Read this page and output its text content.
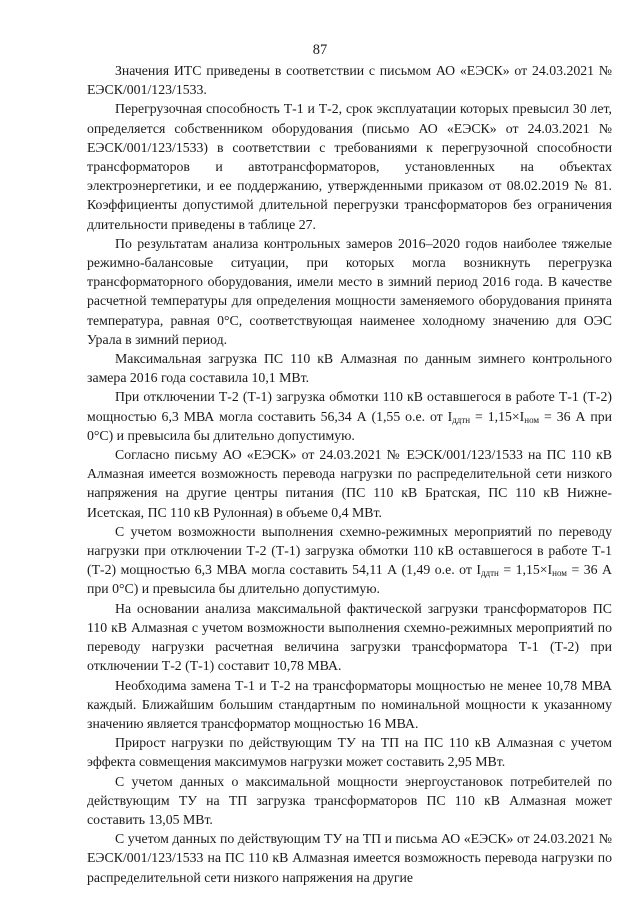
87

Значения ИТС приведены в соответствии с письмом АО «ЕЭСК» от 24.03.2021 № ЕЭСК/001/123/1533.

Перегрузочная способность Т-1 и Т-2, срок эксплуатации которых превысил 30 лет, определяется собственником оборудования (письмо АО «ЕЭСК» от 24.03.2021 № ЕЭСК/001/123/1533) в соответствии с требованиями к перегрузочной способности трансформаторов и автотрансформаторов, установленных на объектах электроэнергетики, и ее поддержанию, утвержденными приказом от 08.02.2019 № 81. Коэффициенты допустимой длительной перегрузки трансформаторов без ограничения длительности приведены в таблице 27.

По результатам анализа контрольных замеров 2016–2020 годов наиболее тяжелые режимно-балансовые ситуации, при которых могла возникнуть перегрузка трансформаторного оборудования, имели место в зимний период 2016 года. В качестве расчетной температуры для определения мощности заменяемого оборудования принята температура, равная 0°С, соответствующая наименее холодному значению для ОЭС Урала в зимний период.

Максимальная загрузка ПС 110 кВ Алмазная по данным зимнего контрольного замера 2016 года составила 10,1 МВт.

При отключении Т-2 (Т-1) загрузка обмотки 110 кВ оставшегося в работе Т-1 (Т-2) мощностью 6,3 МВА могла составить 56,34 А (1,55 о.е. от $I_{ддтн} = 1,15\times I_{ном} = 36$ А при 0°С) и превысила бы длительно допустимую.

Согласно письму АО «ЕЭСК» от 24.03.2021 № ЕЭСК/001/123/1533 на ПС 110 кВ Алмазная имеется возможность перевода нагрузки по распределительной сети низкого напряжения на другие центры питания (ПС 110 кВ Братская, ПС 110 кВ Нижне-Исетская, ПС 110 кВ Рулонная) в объеме 0,4 МВт.

С учетом возможности выполнения схемно-режимных мероприятий по переводу нагрузки при отключении Т-2 (Т-1) загрузка обмотки 110 кВ оставшегося в работе Т-1 (Т-2) мощностью 6,3 МВА могла составить 54,11 А (1,49 о.е. от $I_{ддтн} = 1,15\times I_{ном} = 36$ А при 0°С) и превысила бы длительно допустимую.

На основании анализа максимальной фактической загрузки трансформаторов ПС 110 кВ Алмазная с учетом возможности выполнения схемно-режимных мероприятий по переводу нагрузки расчетная величина загрузки трансформатора Т-1 (Т-2) при отключении Т-2 (Т-1) составит 10,78 МВА.

Необходима замена Т-1 и Т-2 на трансформаторы мощностью не менее 10,78 МВА каждый. Ближайшим большим стандартным по номинальной мощности к указанному значению является трансформатор мощностью 16 МВА.

Прирост нагрузки по действующим ТУ на ТП на ПС 110 кВ Алмазная с учетом эффекта совмещения максимумов нагрузки может составить 2,95 МВт.

С учетом данных о максимальной мощности энергоустановок потребителей по действующим ТУ на ТП загрузка трансформаторов ПС 110 кВ Алмазная может составить 13,05 МВт.

С учетом данных по действующим ТУ на ТП и письма АО «ЕЭСК» от 24.03.2021 № ЕЭСК/001/123/1533 на ПС 110 кВ Алмазная имеется возможность перевода нагрузки по распределительной сети низкого напряжения на другие
